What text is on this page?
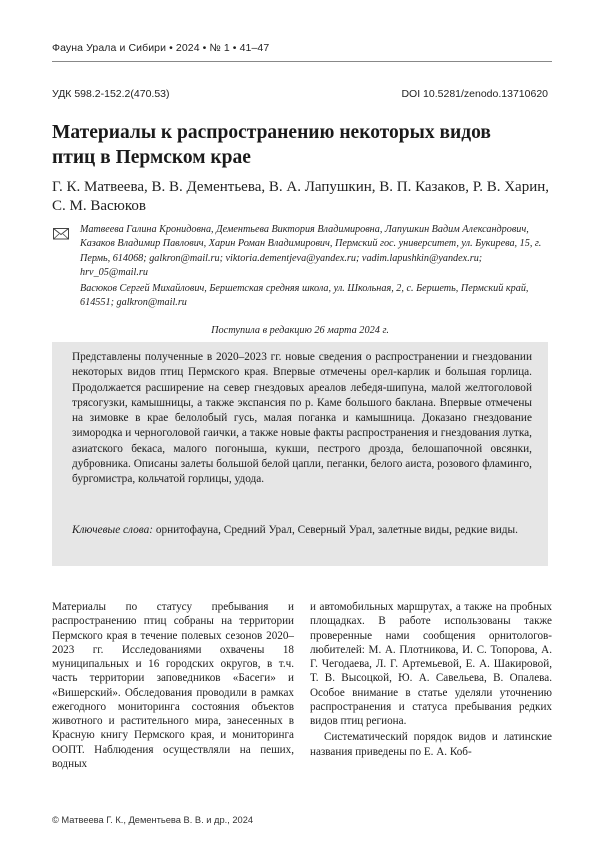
Фауна Урала и Сибири • 2024 • № 1 • 41–47
УДК 598.2-152.2(470.53)	DOI 10.5281/zenodo.13710620
Материалы к распространению некоторых видов птиц в Пермском крае
Г. К. Матвеева, В. В. Дементьева, В. А. Лапушкин, В. П. Казаков, Р. В. Харин, С. М. Васюков
Матвеева Галина Кронидовна, Дементьева Виктория Владимировна, Лапушкин Вадим Александрович, Казаков Владимир Павлович, Харин Роман Владимирович, Пермский гос. университет, ул. Букирева, 15, г. Пермь, 614068; galkron@mail.ru; viktoria.dementjeva@yandex.ru; vadim.lapushkin@yandex.ru; hrv_05@mail.ru
Васюков Сергей Михайлович, Бершетская средняя школа, ул. Школьная, 2, с. Бершеть, Пермский край, 614551; galkron@mail.ru
Поступила в редакцию 26 марта 2024 г.
Представлены полученные в 2020–2023 гг. новые сведения о распространении и гнездовании некоторых видов птиц Пермского края. Впервые отмечены орел-карлик и большая горлица. Продолжается расширение на север гнездовых ареалов лебедя-шипуна, малой желтоголовой трясогузки, камышницы, а также экспансия по р. Каме большого баклана. Впервые отмечены на зимовке в крае белолобый гусь, малая поганка и камышница. Доказано гнездование зимородка и черноголовой гаички, а также новые факты распространения и гнездования лутка, азиатского бекаса, малого погоныша, кукши, пестрого дрозда, белошапочной овсянки, дубровника. Описаны залеты большой белой цапли, пеганки, белого аиста, розового фламинго, бургомистра, кольчатой горлицы, удода.
Ключевые слова: орнитофауна, Средний Урал, Северный Урал, залетные виды, редкие виды.

Материалы по статусу пребывания и распространению птиц собраны на территории Пермского края в течение полевых сезонов 2020–2023 гг. Исследованиями охвачены 18 муниципальных и 16 городских округов, в т.ч. часть территории заповедников «Басеги» и «Вишерский». Обследования проводили в рамках ежегодного мониторинга состояния объектов животного и растительного мира, занесенных в Красную книгу Пермского края, и мониторинга ООПТ. Наблюдения осуществляли на пеших, водных

и автомобильных маршрутах, а также на пробных площадках. В работе использованы также проверенные нами сообщения орнитологов-любителей: М. А. Плотникова, И. С. Топорова, А. Г. Чегодаева, Л. Г. Артемьевой, Е. А. Шакировой, Т. В. Высоцкой, Ю. А. Савельева, В. Опалева. Особое внимание в статье уделяли уточнению распространения и статуса пребывания редких видов птиц региона.

Систематический порядок видов и латинские названия приведены по Е. А. Коб-

© Матвеева Г. К., Дементьева В. В. и др., 2024
